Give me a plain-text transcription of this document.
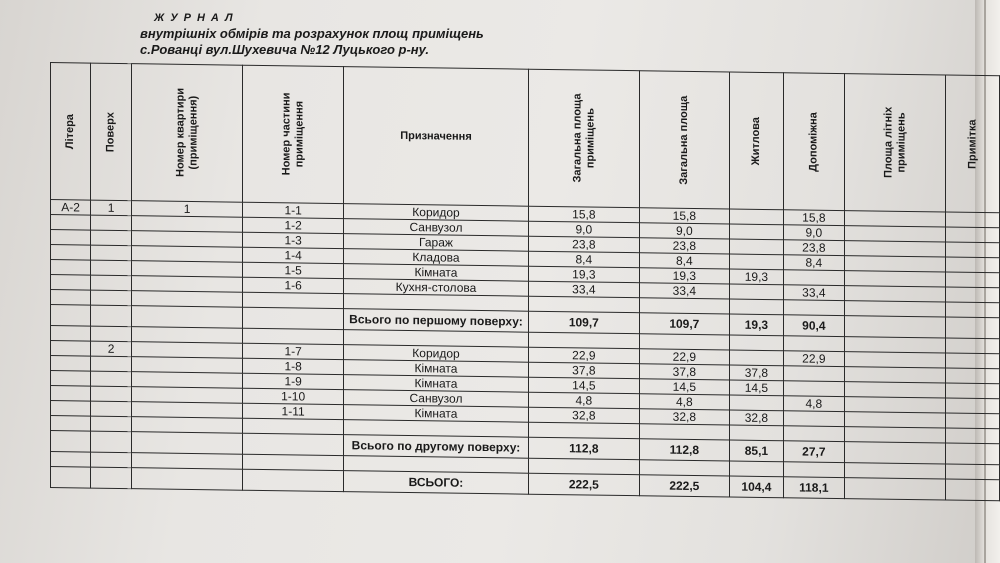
ЖУРНАЛ
внутрішніх обмірів та розрахунок площ приміщень
с.Рованці вул.Шухевича №12 Луцького р-ну.
Літера	Поверх	Номер квартири (приміщення)	Номер частини приміщення	Призначення	Загальна площа приміщень	Загальна площа	Житлова	Допоміжна	Площа літніх приміщень	Примітка
А-2	1	1	1-1	Коридор	15,8	15,8		15,8		
			1-2	Санвузол	9,0	9,0		9,0		
			1-3	Гараж	23,8	23,8		23,8		
			1-4	Кладова	8,4	8,4		8,4		
			1-5	Кімната	19,3	19,3	19,3			
			1-6	Кухня-столова	33,4	33,4		33,4		

				Всього по першому поверху:	109,7	109,7	19,3	90,4		

	2		1-7	Коридор	22,9	22,9		22,9		
			1-8	Кімната	37,8	37,8	37,8			
			1-9	Кімната	14,5	14,5	14,5			
			1-10	Санвузол	4,8	4,8		4,8		
			1-11	Кімната	32,8	32,8	32,8			

				Всього по другому поверху:	112,8	112,8	85,1	27,7		

				ВСЬОГО:	222,5	222,5	104,4	118,1		
